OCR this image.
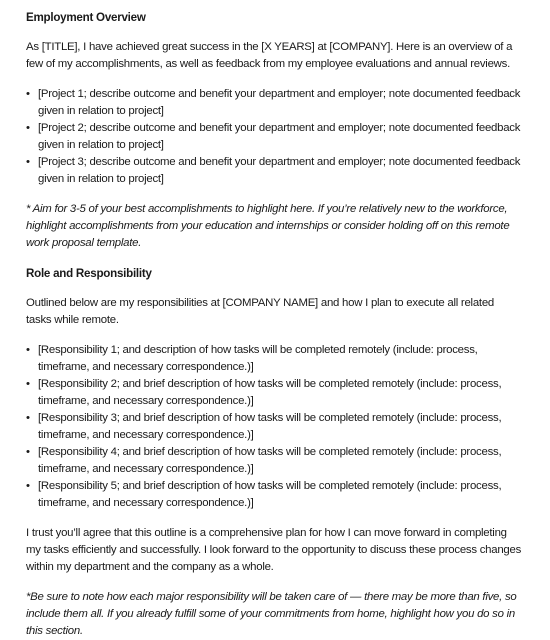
Employment Overview

As [TITLE], I have achieved great success in the [X YEARS] at [COMPANY]. Here is an overview of a few of my accomplishments, as well as feedback from my employee evaluations and annual reviews.

• [Project 1; describe outcome and benefit your department and employer; note documented feedback given in relation to project]
• [Project 2; describe outcome and benefit your department and employer; note documented feedback given in relation to project]
• [Project 3; describe outcome and benefit your department and employer; note documented feedback given in relation to project]

* Aim for 3-5 of your best accomplishments to highlight here. If you’re relatively new to the workforce, highlight accomplishments from your education and internships or consider holding off on this remote work proposal template.

Role and Responsibility

Outlined below are my responsibilities at [COMPANY NAME] and how I plan to execute all related tasks while remote.

• [Responsibility 1; and description of how tasks will be completed remotely (include: process, timeframe, and necessary correspondence.)]
• [Responsibility 2; and brief description of how tasks will be completed remotely (include: process, timeframe, and necessary correspondence.)]
• [Responsibility 3; and brief description of how tasks will be completed remotely (include: process, timeframe, and necessary correspondence.)]
• [Responsibility 4; and brief description of how tasks will be completed remotely (include: process, timeframe, and necessary correspondence.)]
• [Responsibility 5; and brief description of how tasks will be completed remotely (include: process, timeframe, and necessary correspondence.)]

I trust you’ll agree that this outline is a comprehensive plan for how I can move forward in completing my tasks efficiently and successfully. I look forward to the opportunity to discuss these process changes within my department and the company as a whole.

*Be sure to note how each major responsibility will be taken care of — there may be more than five, so include them all. If you already fulfill some of your commitments from home, highlight how you do so in this section.
